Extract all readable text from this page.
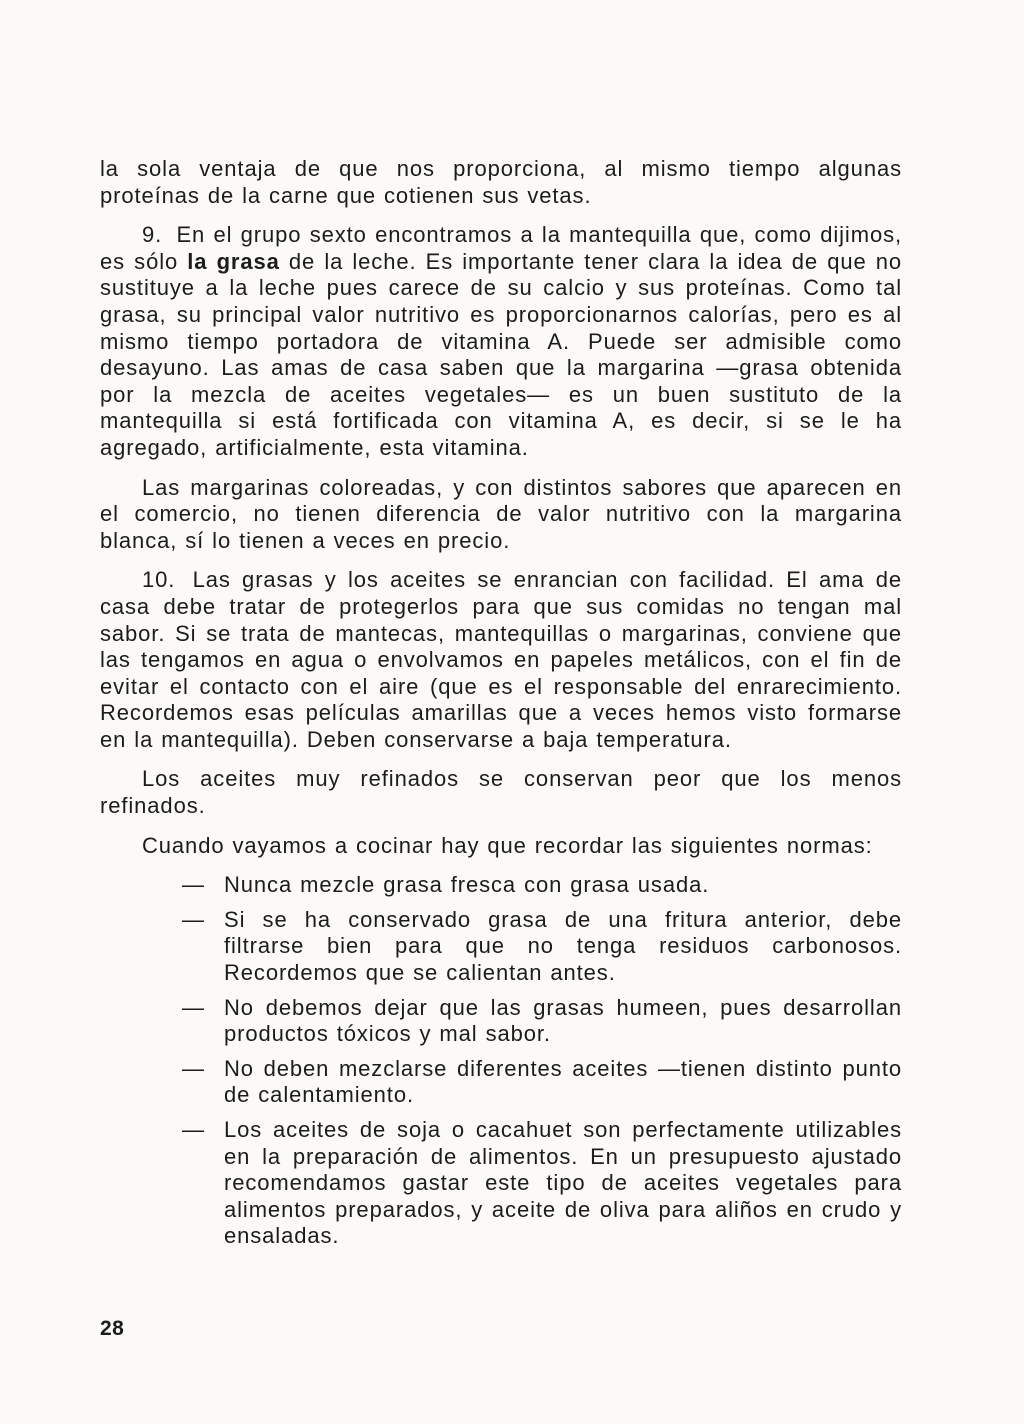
la sola ventaja de que nos proporciona, al mismo tiempo algunas proteínas de la carne que cotienen sus vetas.

9. En el grupo sexto encontramos a la mantequilla que, como dijimos, es sólo la grasa de la leche. Es importante tener clara la idea de que no sustituye a la leche pues carece de su calcio y sus proteínas. Como tal grasa, su principal valor nutritivo es proporcionarnos calorías, pero es al mismo tiempo portadora de vitamina A. Puede ser admisible como desayuno. Las amas de casa saben que la margarina —grasa obtenida por la mezcla de aceites vegetales— es un buen sustituto de la mantequilla si está fortificada con vitamina A, es decir, si se le ha agregado, artificialmente, esta vitamina.

Las margarinas coloreadas, y con distintos sabores que aparecen en el comercio, no tienen diferencia de valor nutritivo con la margarina blanca, sí lo tienen a veces en precio.

10. Las grasas y los aceites se enrancian con facilidad. El ama de casa debe tratar de protegerlos para que sus comidas no tengan mal sabor. Si se trata de mantecas, mantequillas o margarinas, conviene que las tengamos en agua o envolvamos en papeles metálicos, con el fin de evitar el contacto con el aire (que es el responsable del enrarecimiento. Recordemos esas películas amarillas que a veces hemos visto formarse en la mantequilla). Deben conservarse a baja temperatura.

Los aceites muy refinados se conservan peor que los menos refinados.

Cuando vayamos a cocinar hay que recordar las siguientes normas:

— Nunca mezcle grasa fresca con grasa usada.
— Si se ha conservado grasa de una fritura anterior, debe filtrarse bien para que no tenga residuos carbonosos. Recordemos que se calientan antes.
— No debemos dejar que las grasas humeen, pues desarrollan productos tóxicos y mal sabor.
— No deben mezclarse diferentes aceites —tienen distinto punto de calentamiento.
— Los aceites de soja o cacahuet son perfectamente utilizables en la preparación de alimentos. En un presupuesto ajustado recomendamos gastar este tipo de aceites vegetales para alimentos preparados, y aceite de oliva para aliños en crudo y ensaladas.
28
